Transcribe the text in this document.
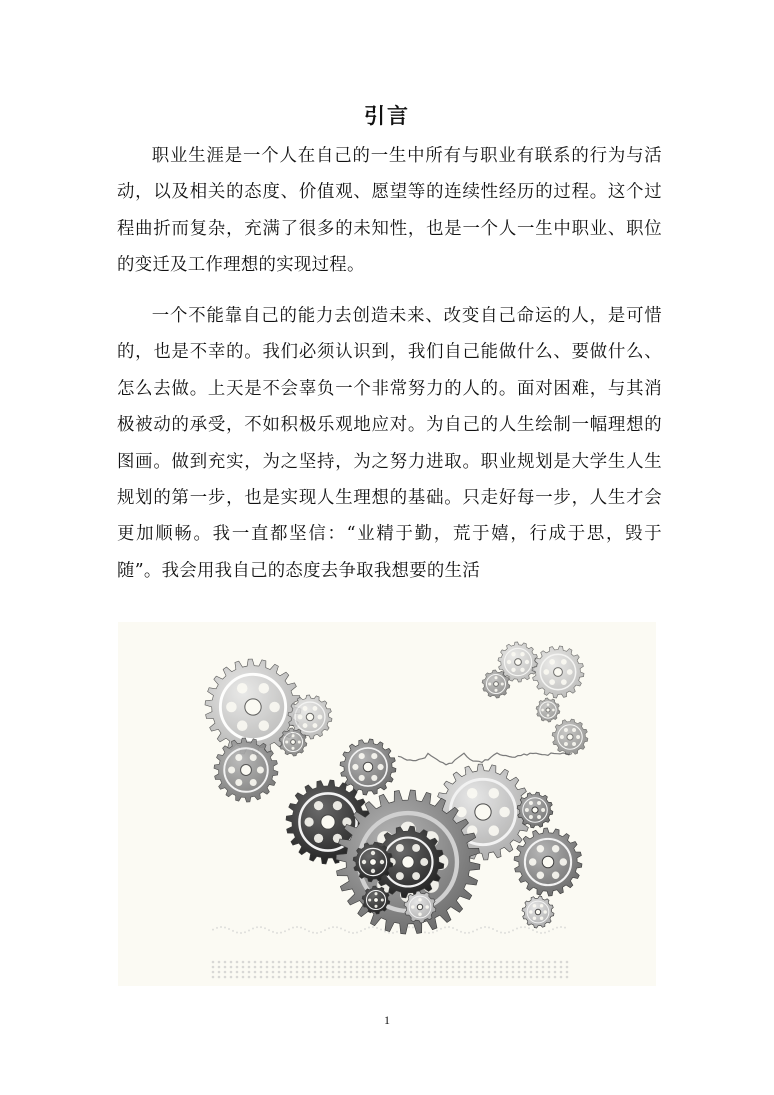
引言

职业生涯是一个人在自己的一生中所有与职业有联系的行为与活动，以及相关的态度、价值观、愿望等的连续性经历的过程。这个过程曲折而复杂，充满了很多的未知性，也是一个人一生中职业、职位的变迁及工作理想的实现过程。

一个不能靠自己的能力去创造未来、改变自己命运的人，是可惜的，也是不幸的。我们必须认识到，我们自己能做什么、要做什么、怎么去做。上天是不会辜负一个非常努力的人的。面对困难，与其消极被动的承受，不如积极乐观地应对。为自己的人生绘制一幅理想的图画。做到充实，为之坚持，为之努力进取。职业规划是大学生人生规划的第一步，也是实现人生理想的基础。只走好每一步，人生才会更加顺畅。我一直都坚信：“业精于勤，荒于嬉，行成于思，毁于随”。我会用我自己的态度去争取我想要的生活

1
